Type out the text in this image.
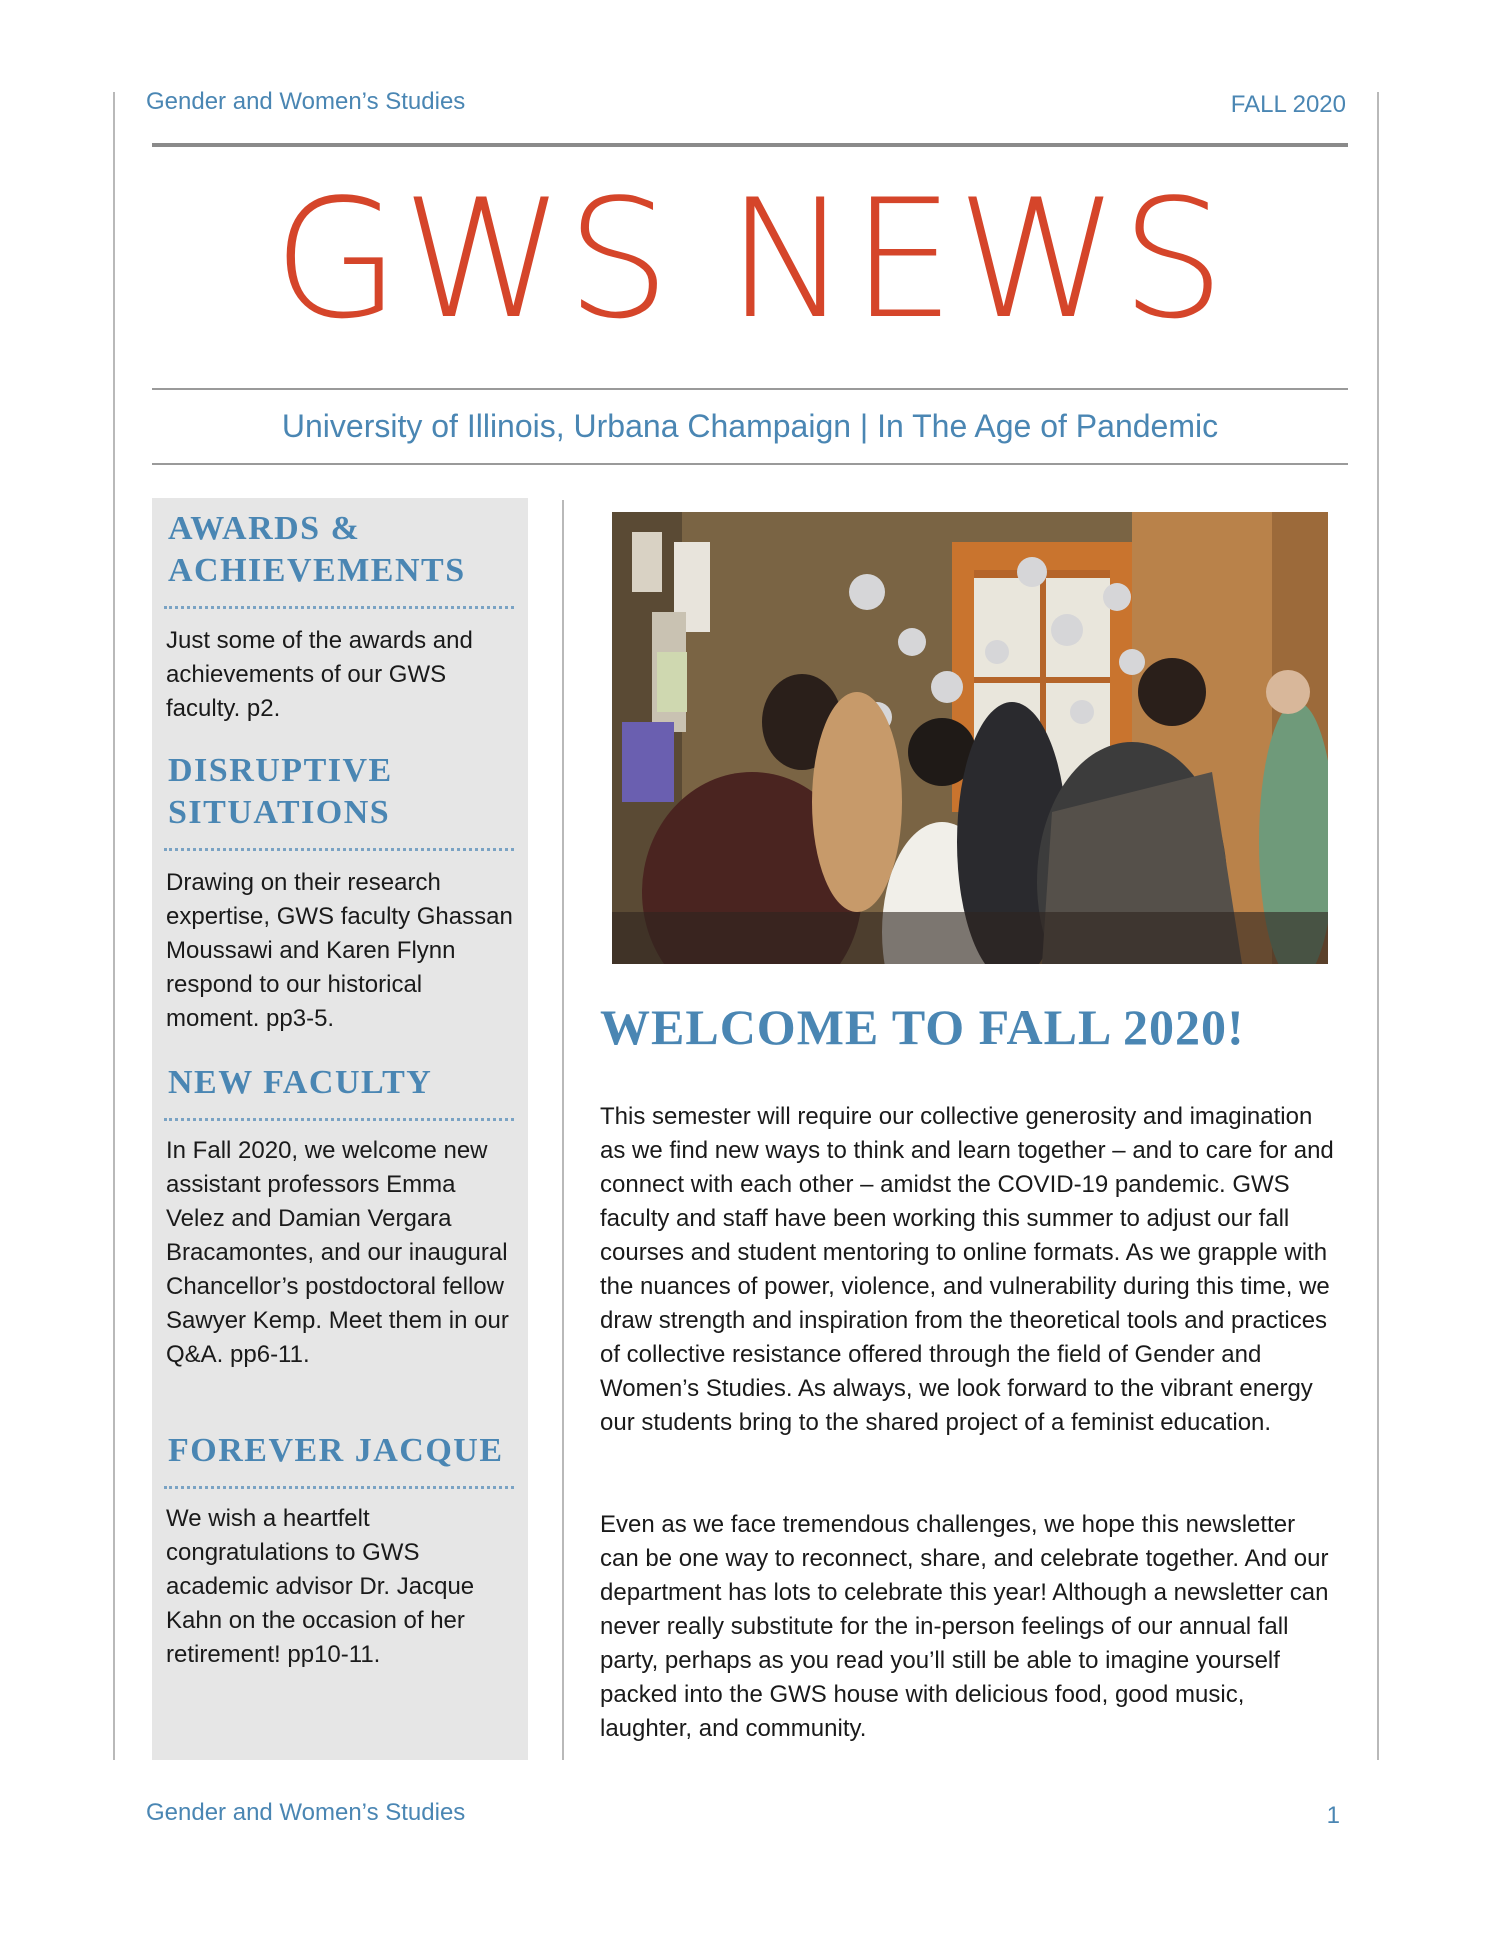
Gender and Women’s Studies	FALL 2020
GWS NEWS
University of Illinois, Urbana Champaign | In The Age of Pandemic
AWARDS & ACHIEVEMENTS
Just some of the awards and achievements of our GWS faculty. p2.
DISRUPTIVE SITUATIONS
Drawing on their research expertise, GWS faculty Ghassan Moussawi and Karen Flynn respond to our historical moment. pp3-5.
NEW FACULTY
In Fall 2020, we welcome new assistant professors Emma Velez and Damian Vergara Bracamontes, and our inaugural Chancellor’s postdoctoral fellow Sawyer Kemp. Meet them in our Q&A. pp6-11.
FOREVER JACQUE
We wish a heartfelt congratulations to GWS academic advisor Dr. Jacque Kahn on the occasion of her retirement! pp10-11.
WELCOME TO FALL 2020!
This semester will require our collective generosity and imagination as we find new ways to think and learn together – and to care for and connect with each other – amidst the COVID-19 pandemic. GWS faculty and staff have been working this summer to adjust our fall courses and student mentoring to online formats. As we grapple with the nuances of power, violence, and vulnerability during this time, we draw strength and inspiration from the theoretical tools and practices of collective resistance offered through the field of Gender and Women’s Studies. As always, we look forward to the vibrant energy our students bring to the shared project of a feminist education.
Even as we face tremendous challenges, we hope this newsletter can be one way to reconnect, share, and celebrate together. And our department has lots to celebrate this year! Although a newsletter can never really substitute for the in-person feelings of our annual fall party, perhaps as you read you’ll still be able to imagine yourself packed into the GWS house with delicious food, good music, laughter, and community.
Gender and Women’s Studies	1
